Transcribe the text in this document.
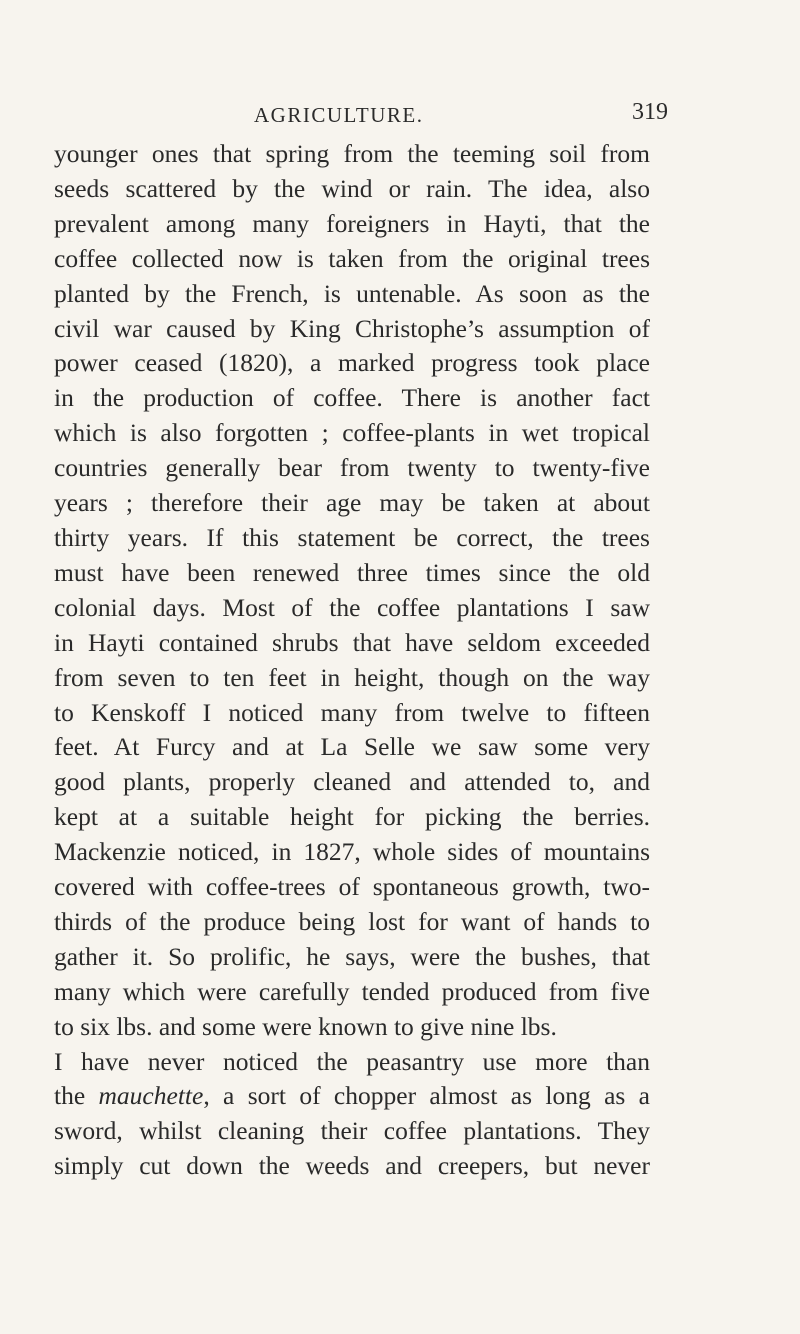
AGRICULTURE.	319
younger ones that spring from the teeming soil from
seeds scattered by the wind or rain. The idea, also
prevalent among many foreigners in Hayti, that the
coffee collected now is taken from the original trees
planted by the French, is untenable. As soon as the
civil war caused by King Christophe’s assumption of
power ceased (1820), a marked progress took place
in the production of coffee. There is another fact
which is also forgotten ; coffee-plants in wet tropical
countries generally bear from twenty to twenty-five
years ; therefore their age may be taken at about
thirty years. If this statement be correct, the trees
must have been renewed three times since the old
colonial days. Most of the coffee plantations I saw
in Hayti contained shrubs that have seldom exceeded
from seven to ten feet in height, though on the way
to Kenskoff I noticed many from twelve to fifteen
feet. At Furcy and at La Selle we saw some very
good plants, properly cleaned and attended to, and
kept at a suitable height for picking the berries.
Mackenzie noticed, in 1827, whole sides of mountains
covered with coffee-trees of spontaneous growth, two-
thirds of the produce being lost for want of hands to
gather it. So prolific, he says, were the bushes, that
many which were carefully tended produced from five
to six lbs. and some were known to give nine lbs.
I have never noticed the peasantry use more than
the mauchette, a sort of chopper almost as long as a
sword, whilst cleaning their coffee plantations. They
simply cut down the weeds and creepers, but never
